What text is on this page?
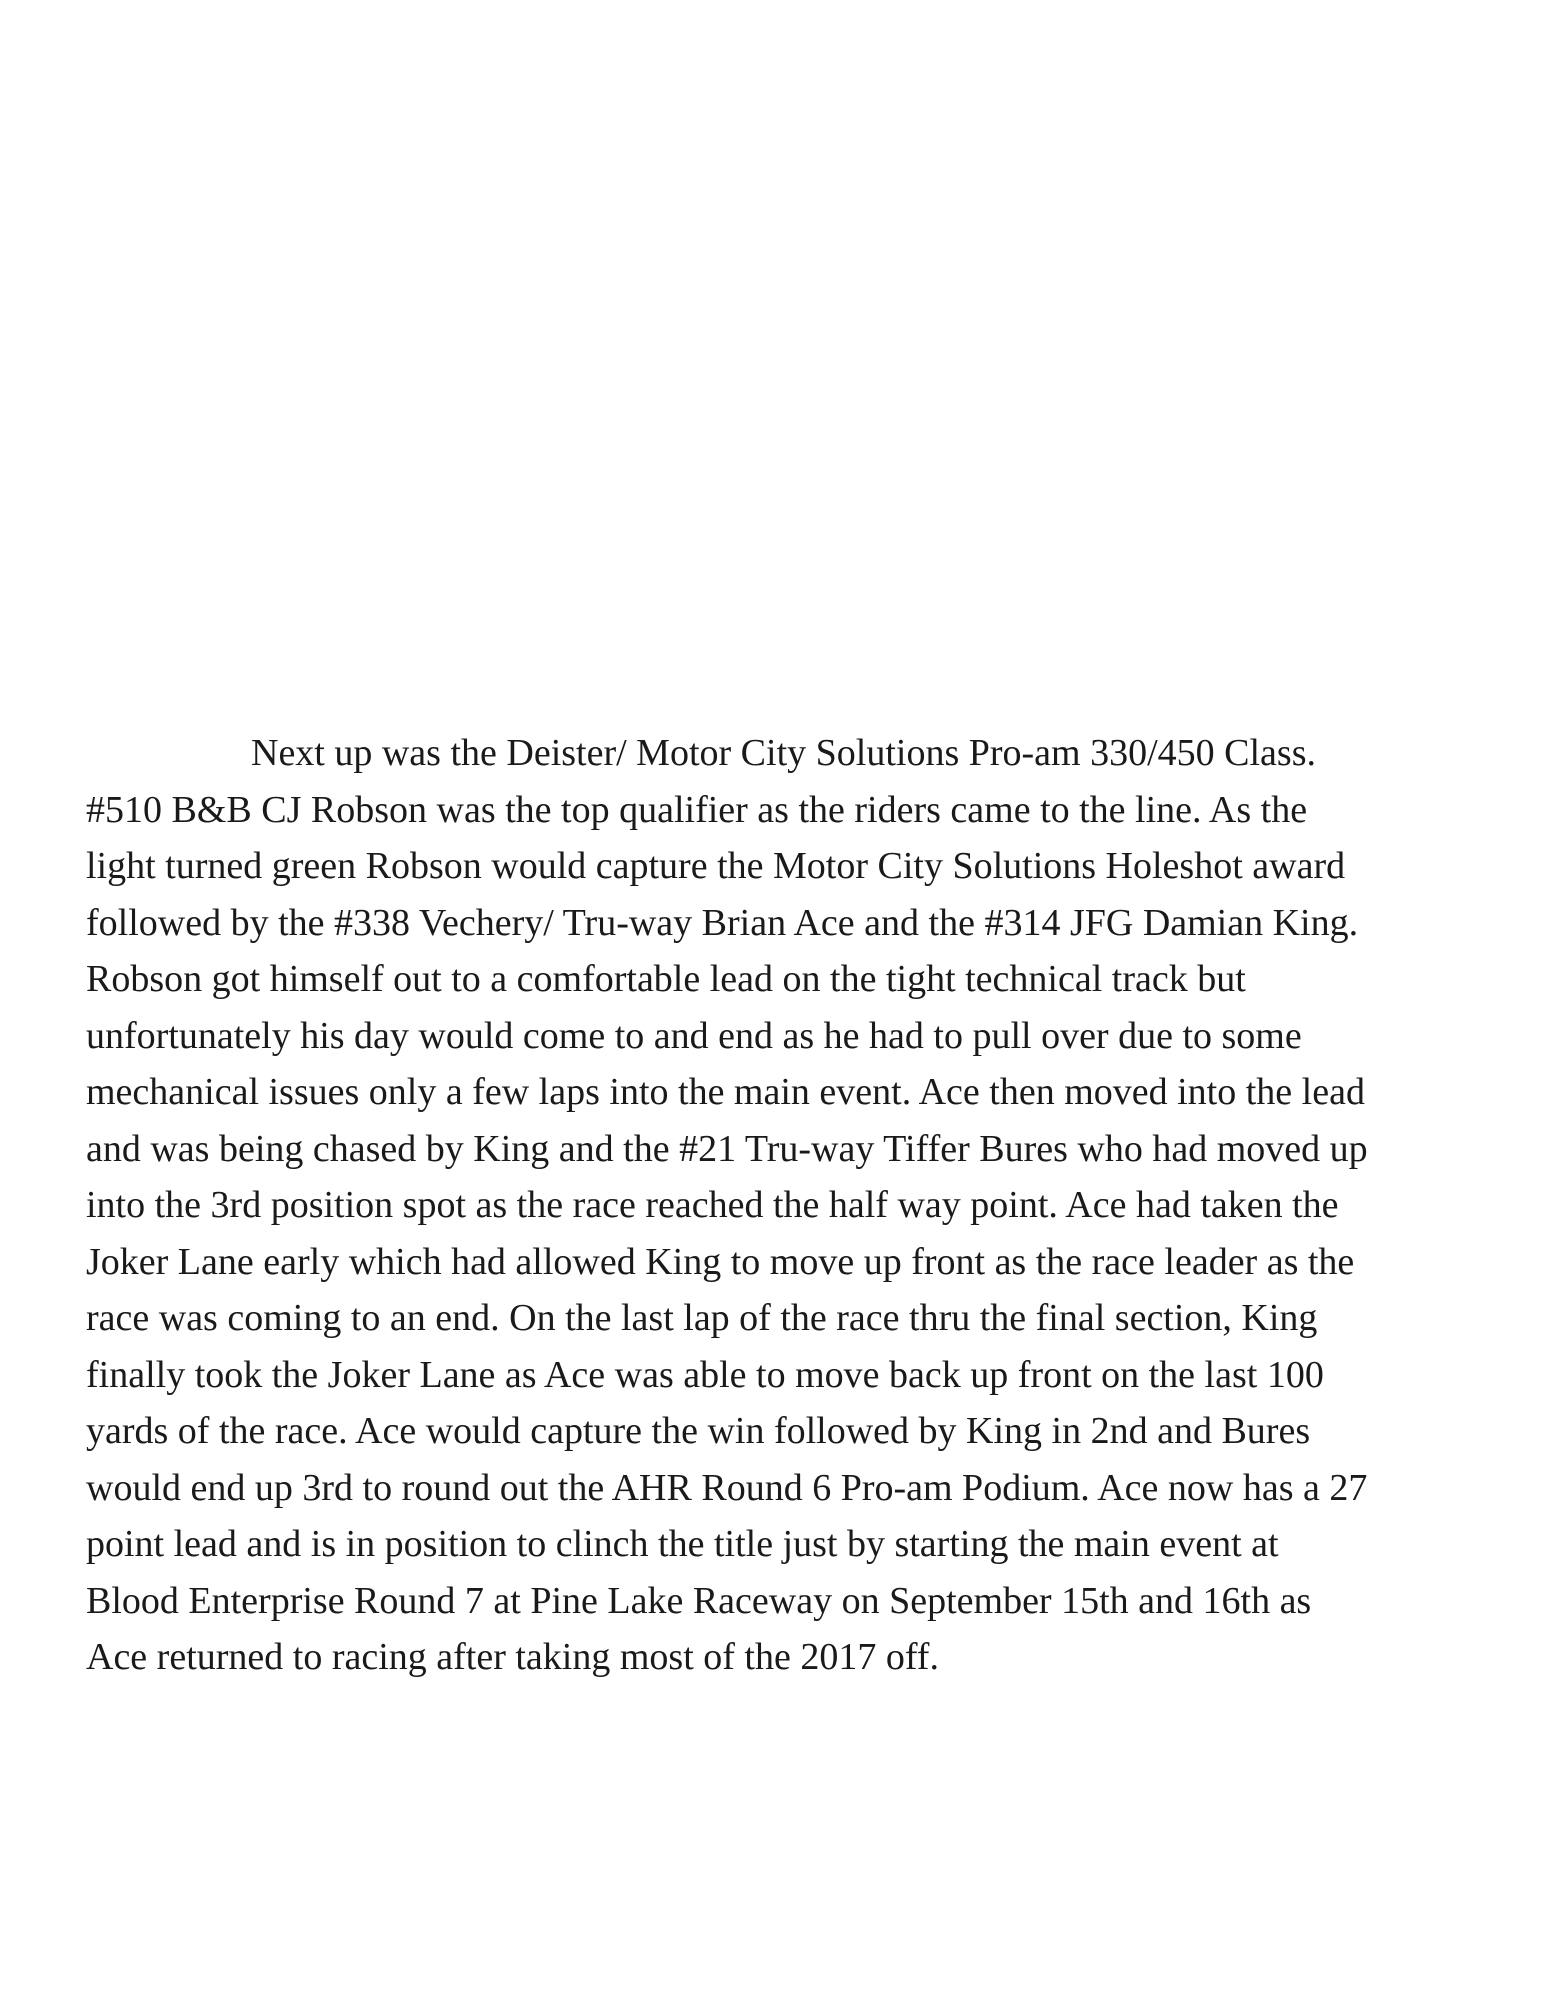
Next up was the Deister/ Motor City Solutions Pro-am 330/450 Class.
#510 B&B CJ Robson was the top qualifier as the riders came to the line. As the
light turned green Robson would capture the Motor City Solutions Holeshot award
followed by the #338 Vechery/ Tru-way Brian Ace and the #314 JFG Damian King.
Robson got himself out to a comfortable lead on the tight technical track but
unfortunately his day would come to and end as he had to pull over due to some
mechanical issues only a few laps into the main event. Ace then moved into the lead
and was being chased by King and the #21 Tru-way Tiffer Bures who had moved up
into the 3rd position spot as the race reached the half way point. Ace had taken the
Joker Lane early which had allowed King to move up front as the race leader as the
race was coming to an end. On the last lap of the race thru the final section, King
finally took the Joker Lane as Ace was able to move back up front on the last 100
yards of the race. Ace would capture the win followed by King in 2nd and Bures
would end up 3rd to round out the AHR Round 6 Pro-am Podium. Ace now has a 27
point lead and is in position to clinch the title just by starting the main event at
Blood Enterprise Round 7 at Pine Lake Raceway on September 15th and 16th as
Ace returned to racing after taking most of the 2017 off.
